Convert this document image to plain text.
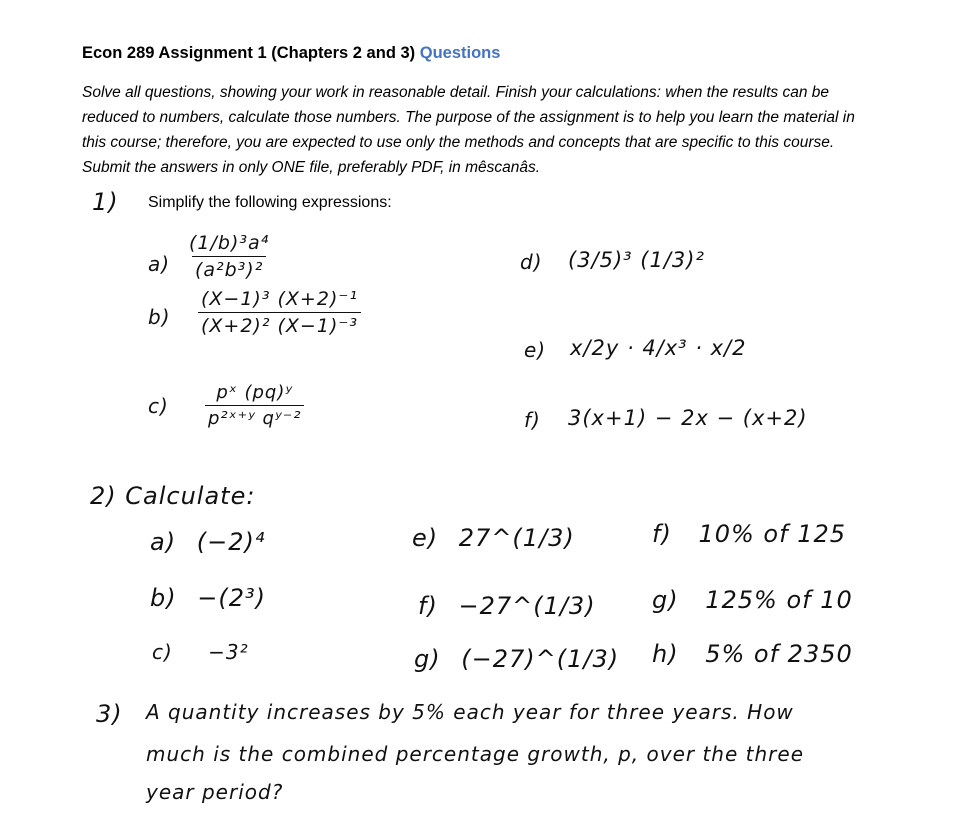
Econ 289 Assignment 1 (Chapters 2 and 3) Questions
Solve all questions, showing your work in reasonable detail. Finish your calculations: when the results can be reduced to numbers, calculate those numbers. The purpose of the assignment is to help you learn the material in this course; therefore, you are expected to use only the methods and concepts that are specific to this course. Submit the answers in only ONE file, preferably PDF, in mêscanâs.
1) Simplify the following expressions:
$a) \frac{\text{(1/b)³a⁴}}{\text{(a²b³)²}}$
$b) \frac{\text{(X−1)³ (X+2)⁻¹}}{\text{(X+2)² (X−1)⁻³}}$
$c) \frac{\text{pˣ (pq)ʸ}}{\text{p²ˣ⁺ʸ qʸ⁻²}}$
d) (3/5)³ (1/3)²
e) x/2y · 4/x³ · x/2
f) 3(x+1) − 2x − (x+2)
2) Calculate:
a) (−2)⁴
b) −(2³)
c) −3²
e) 27^(1/3)
f) −27^(1/3)
g) (−27)^(1/3)
f) 10% of 125
g) 125% of 10
h) 5% of 2350
3) A quantity increases by 5% each year for three years. How
much is the combined percentage growth, p, over the three
year period?
